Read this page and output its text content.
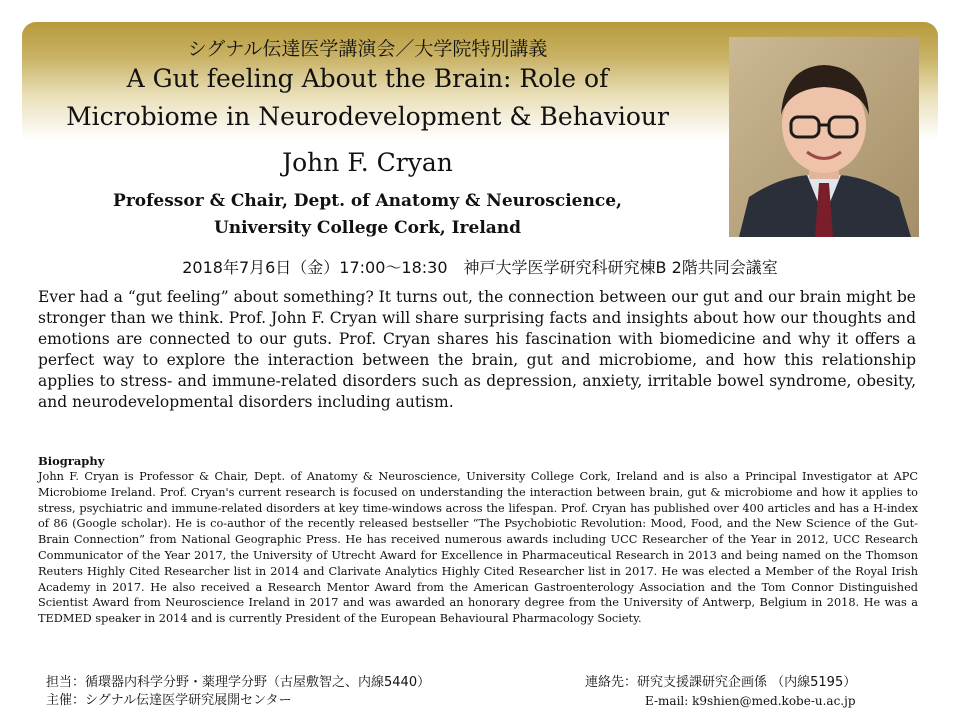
シグナル伝達医学講演会／大学院特別講義
A Gut feeling About the Brain: Role of
Microbiome in Neurodevelopment & Behaviour
John F. Cryan
Professor & Chair, Dept. of Anatomy & Neuroscience,
University College Cork, Ireland
2018年7月6日（金）17:00～18:30　神戸大学医学研究科研究棟B 2階共同会議室
Ever had a “gut feeling” about something? It turns out, the connection between our gut and our brain might be stronger than we think. Prof. John F. Cryan will share surprising facts and insights about how our thoughts and emotions are connected to our guts. Prof. Cryan shares his fascination with biomedicine and why it offers a perfect way to explore the interaction between the brain, gut and microbiome, and how this relationship applies to stress- and immune-related disorders such as depression, anxiety, irritable bowel syndrome, obesity, and neurodevelopmental disorders including autism.
Biography
John F. Cryan is Professor & Chair, Dept. of Anatomy & Neuroscience, University College Cork, Ireland and is also a Principal Investigator at APC Microbiome Ireland. Prof. Cryan's current research is focused on understanding the interaction between brain, gut & microbiome and how it applies to stress, psychiatric and immune-related disorders at key time-windows across the lifespan. Prof. Cryan has published over 400 articles and has a H-index of 86 (Google scholar). He is co-author of the recently released bestseller “The Psychobiotic Revolution: Mood, Food, and the New Science of the Gut-Brain Connection” from National Geographic Press. He has received numerous awards including UCC Researcher of the Year in 2012, UCC Research Communicator of the Year 2017, the University of Utrecht Award for Excellence in Pharmaceutical Research in 2013 and being named on the Thomson Reuters Highly Cited Researcher list in 2014 and Clarivate Analytics Highly Cited Researcher list in 2017. He was elected a Member of the Royal Irish Academy in 2017. He also received a Research Mentor Award from the American Gastroenterology Association and the Tom Connor Distinguished Scientist Award from Neuroscience Ireland in 2017 and was awarded an honorary degree from the University of Antwerp, Belgium in 2018. He was a TEDMED speaker in 2014 and is currently President of the European Behavioural Pharmacology Society.
担当：循環器内科学分野・薬理学分野（古屋敷智之、内線5440）
主催：シグナル伝達医学研究展開センター
連絡先：研究支援課研究企画係 （内線5195）
E-mail: k9shien@med.kobe-u.ac.jp
